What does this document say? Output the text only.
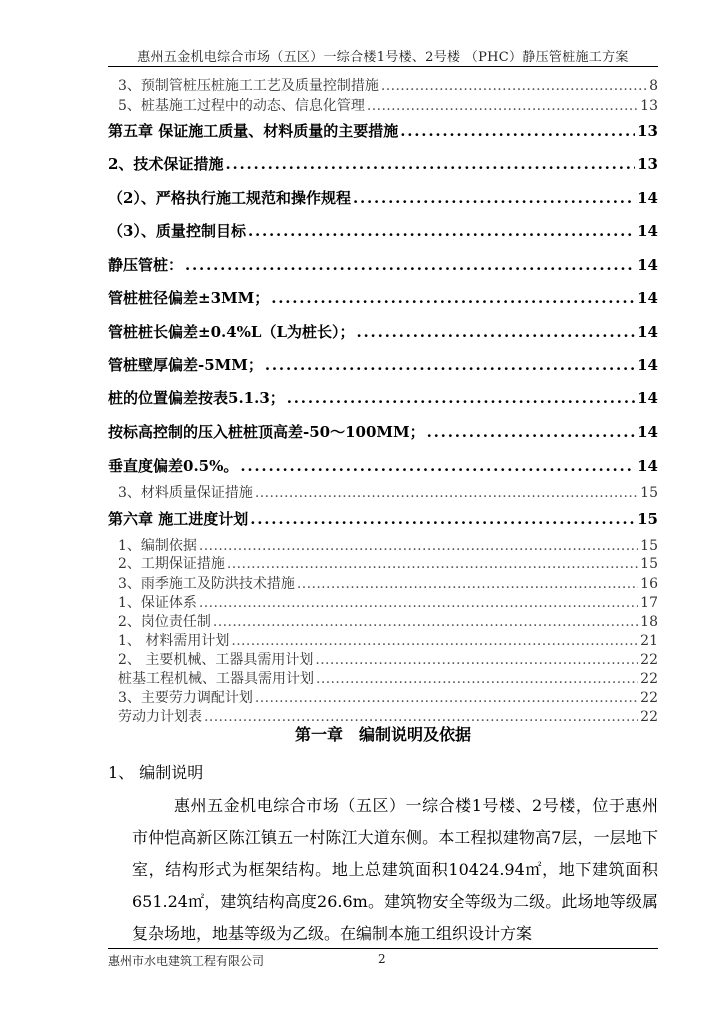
惠州五金机电综合市场（五区）一综合楼1号楼、2号楼 （PHC）静压管桩施工方案
3、预制管桩压桩施工工艺及质量控制措施 .....	8
5、桩基施工过程中的动态、信息化管理 .....	13
第五章 保证施工质量、材料质量的主要措施 .....	13
2、技术保证措施 .....	13
（2）、严格执行施工规范和操作规程 .....	14
（3）、质量控制目标 .....	14
静压管桩： .....	14
管桩桩径偏差±3MM； .....	14
管桩桩长偏差±0.4%L（L为桩长）； .....	14
管桩壁厚偏差-5MM； .....	14
桩的位置偏差按表5.1.3； .....	14
按标高控制的压入桩桩顶高差-50～100MM； .....	14
垂直度偏差0.5%。 .....	14
3、材料质量保证措施 .....	15
第六章 施工进度计划 .....	15
1、编制依据 .....	15
2、工期保证措施 .....	15
3、雨季施工及防洪技术措施 .....	16
1、保证体系 .....	17
2、岗位责任制 .....	18
1、 材料需用计划 .....	21
2、 主要机械、工器具需用计划 .....	22
桩基工程机械、工器具需用计划 .....	22
3、主要劳力调配计划 .....	22
劳动力计划表 .....	22
第一章　编制说明及依据
1、 编制说明
惠州五金机电综合市场（五区）一综合楼1号楼、2号楼，位于惠州市仲恺高新区陈江镇五一村陈江大道东侧。本工程拟建物高7层，一层地下室，结构形式为框架结构。地上总建筑面积10424.94㎡，地下建筑面积651.24㎡，建筑结构高度26.6m。建筑物安全等级为二级。此场地等级属复杂场地，地基等级为乙级。在编制本施工组织设计方案
惠州市水电建筑工程有限公司	2
